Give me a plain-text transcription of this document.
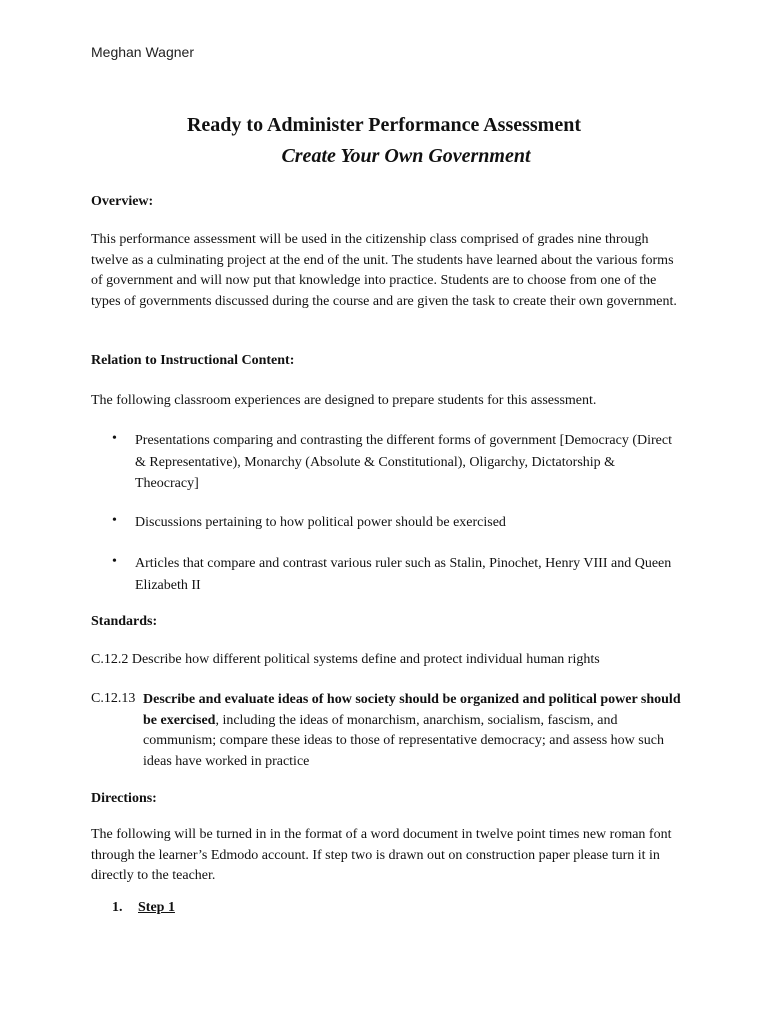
Meghan Wagner
Ready to Administer Performance Assessment
Create Your Own Government
Overview:
This performance assessment will be used in the citizenship class comprised of grades nine through twelve as a culminating project at the end of the unit. The students have learned about the various forms of government and will now put that knowledge into practice. Students are to choose from one of the types of governments discussed during the course and are given the task to create their own government.
Relation to Instructional Content:
The following classroom experiences are designed to prepare students for this assessment.
• Presentations comparing and contrasting the different forms of government [Democracy (Direct & Representative), Monarchy (Absolute & Constitutional), Oligarchy, Dictatorship & Theocracy]
• Discussions pertaining to how political power should be exercised
• Articles that compare and contrast various ruler such as Stalin, Pinochet, Henry VIII and Queen Elizabeth II
Standards:
C.12.2 Describe how different political systems define and protect individual human rights
C.12.13 Describe and evaluate ideas of how society should be organized and political power should be exercised, including the ideas of monarchism, anarchism, socialism, fascism, and communism; compare these ideas to those of representative democracy; and assess how such ideas have worked in practice
Directions:
The following will be turned in in the format of a word document in twelve point times new roman font through the learner’s Edmodo account. If step two is drawn out on construction paper please turn it in directly to the teacher.
1. Step 1
